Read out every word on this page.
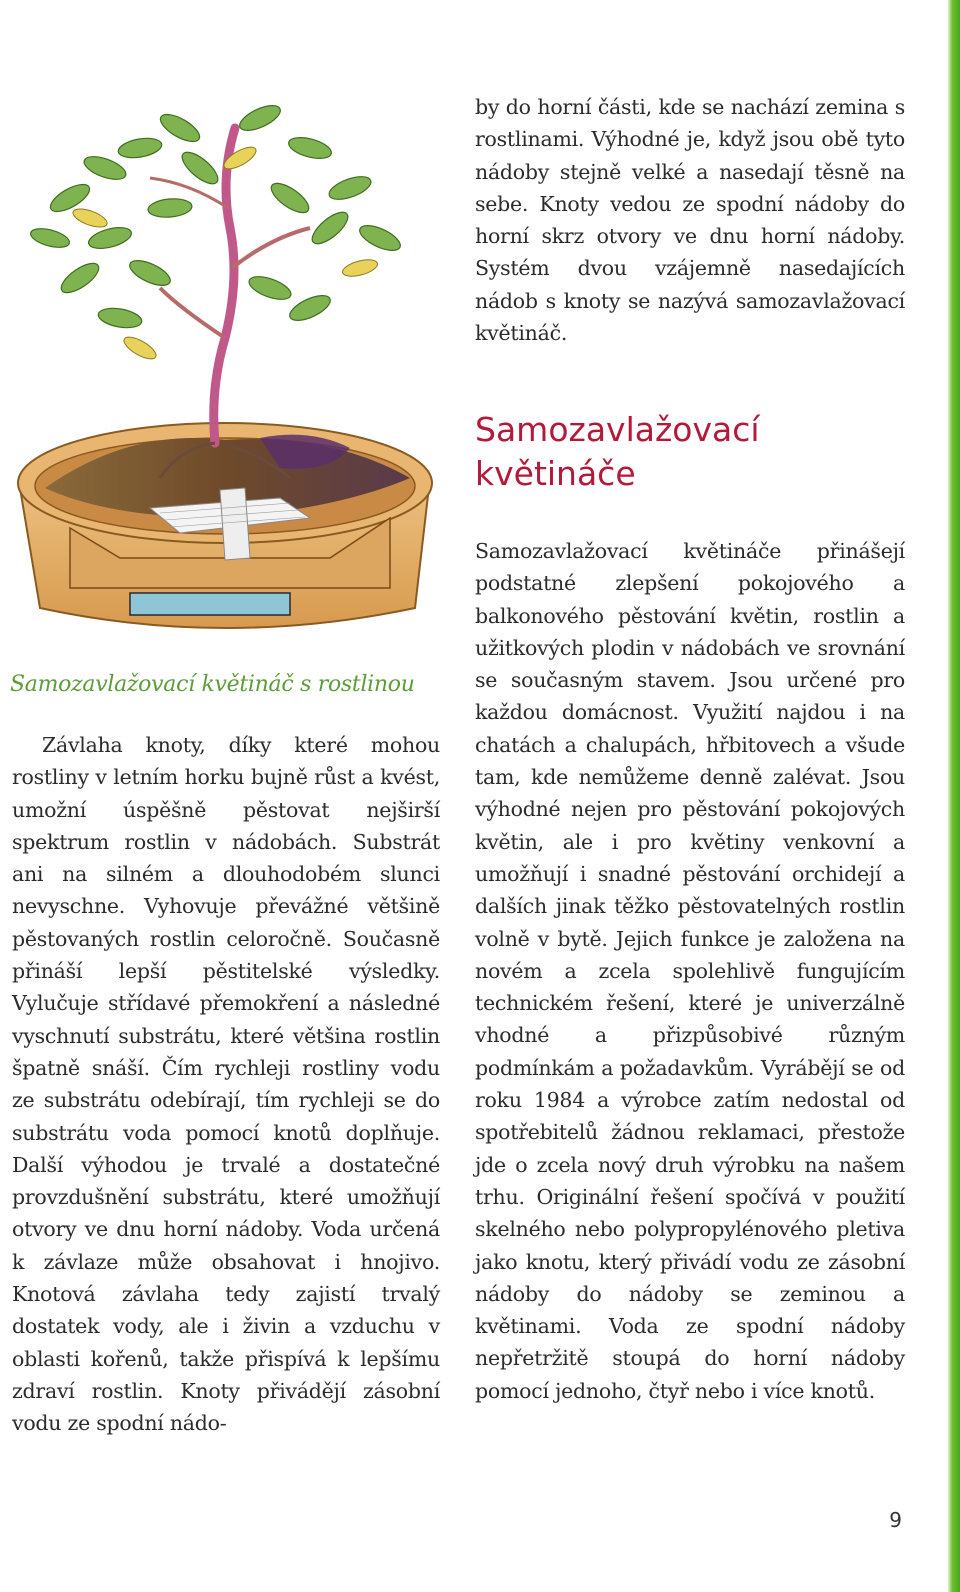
by do horní části, kde se nachází zemina s rostlinami. Výhodné je, když jsou obě tyto nádoby stejně velké a nasedají těsně na sebe. Knoty vedou ze spodní nádoby do horní skrz otvory ve dnu horní nádoby. Systém dvou vzájemně nasedajících nádob s knoty se nazývá samozavlažovací květináč.

Samozavlažovací
květináče

Samozavlažovací květináče přinášejí podstatné zlepšení pokojového a balkonového pěstování květin, rostlin a užitkových plodin v nádobách ve srovnání se současným stavem. Jsou určené pro každou domácnost. Využití najdou i na chatách a chalupách, hřbitovech a všude tam, kde nemůžeme denně zalévat. Jsou výhodné nejen pro pěstování pokojových květin, ale i pro květiny venkovní a umožňují i snadné pěstování orchidejí a dalších jinak těžko pěstovatelných rostlin volně v bytě. Jejich funkce je založena na novém a zcela spolehlivě fungujícím technickém řešení, které je univerzálně vhodné a přizpůsobivé různým podmínkám a požadavkům. Vyrábějí se od roku 1984 a výrobce zatím nedostal od spotřebitelů žádnou reklamaci, přestože jde o zcela nový druh výrobku na našem trhu. Originální řešení spočívá v použití skelného nebo polypropylénového pletiva jako knotu, který přivádí vodu ze zásobní nádoby do nádoby se zeminou a květinami. Voda ze spodní nádoby nepřetržitě stoupá do horní nádoby pomocí jednoho, čtyř nebo i více knotů.

Samozavlažovací květináč s rostlinou

Závlaha knoty, díky které mohou rostliny v letním horku bujně růst a kvést, umožní úspěšně pěstovat nejširší spektrum rostlin v nádobách. Substrát ani na silném a dlouhodobém slunci nevyschne. Vyhovuje převážné většině pěstovaných rostlin celoročně. Současně přináší lepší pěstitelské výsledky. Vylučuje střídavé přemokření a následné vyschnutí substrátu, které většina rostlin špatně snáší. Čím rychleji rostliny vodu ze substrátu odebírají, tím rychleji se do substrátu voda pomocí knotů doplňuje. Další výhodou je trvalé a dostatečné provzdušnění substrátu, které umožňují otvory ve dnu horní nádoby. Voda určená k závlaze může obsahovat i hnojivo. Knotová závlaha tedy zajistí trvalý dostatek vody, ale i živin a vzduchu v oblasti kořenů, takže přispívá k lepšímu zdraví rostlin. Knoty přivádějí zásobní vodu ze spodní nádo-

9
